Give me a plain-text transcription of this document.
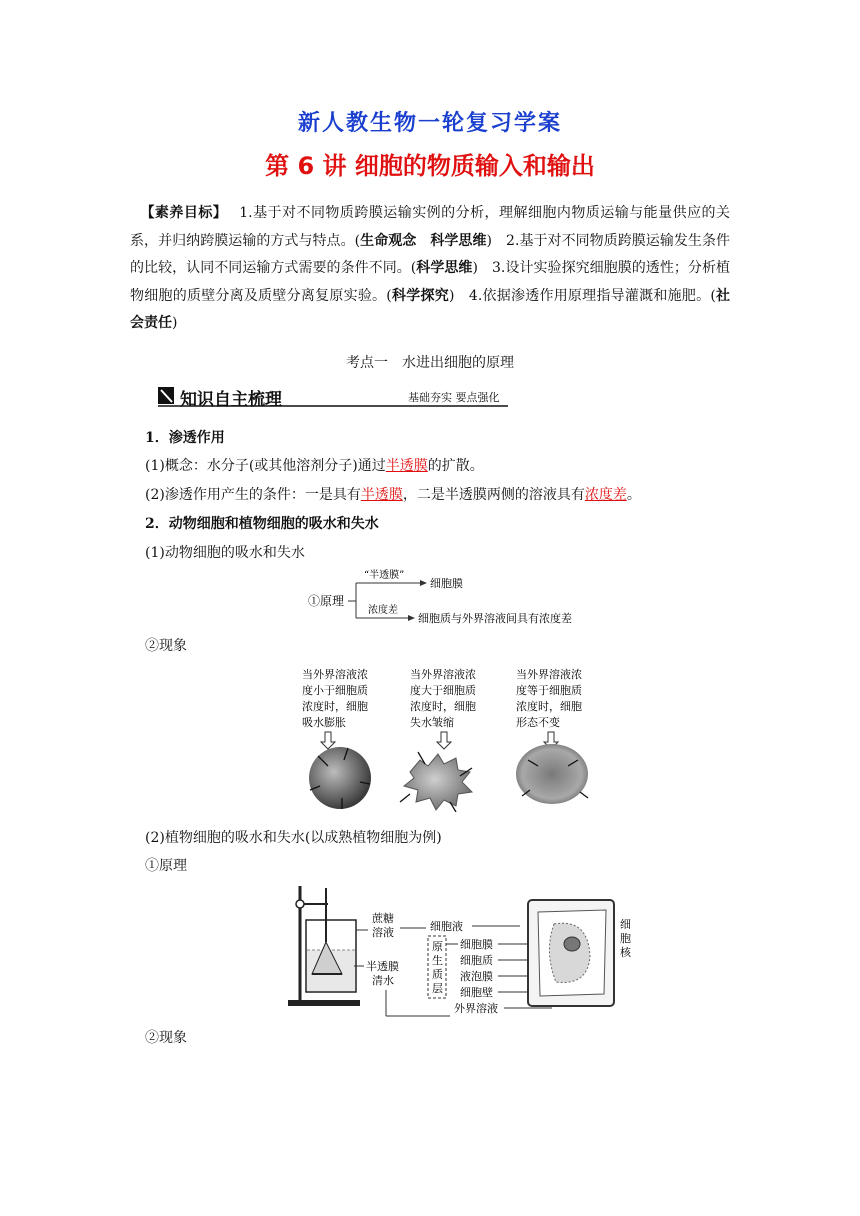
新人教生物一轮复习学案
第 6 讲 细胞的物质输入和输出
【素养目标】 1.基于对不同物质跨膜运输实例的分析，理解细胞内物质运输与能量供应的关系，并归纳跨膜运输的方式与特点。(生命观念　科学思维)　2.基于对不同物质跨膜运输发生条件的比较，认同不同运输方式需要的条件不同。(科学思维)　3.设计实验探究细胞膜的透性；分析植物细胞的质壁分离及质壁分离复原实验。(科学探究)　4.依据渗透作用原理指导灌溉和施肥。(社会责任)
考点一　水进出细胞的原理
知识自主梳理	基础夯实 要点强化
1．渗透作用
(1)概念：水分子(或其他溶剂分子)通过半透膜的扩散。
(2)渗透作用产生的条件：一是具有半透膜，二是半透膜两侧的溶液具有浓度差。
2．动物细胞和植物细胞的吸水和失水
(1)动物细胞的吸水和失水
①原理
“半透膜”
细胞膜
浓度差
细胞质与外界溶液间具有浓度差
②现象
当外界溶液浓
度小于细胞质
浓度时，细胞
吸水膨胀
当外界溶液浓
度大于细胞质
浓度时，细胞
失水皱缩
当外界溶液浓
度等于细胞质
浓度时，细胞
形态不变
(2)植物细胞的吸水和失水(以成熟植物细胞为例)
①原理
蔗糖
溶液
半透膜
清水
细胞液
细胞膜
细胞质
液泡膜
细胞壁
外界溶液
原
生
质
层
细
胞
核
②现象
